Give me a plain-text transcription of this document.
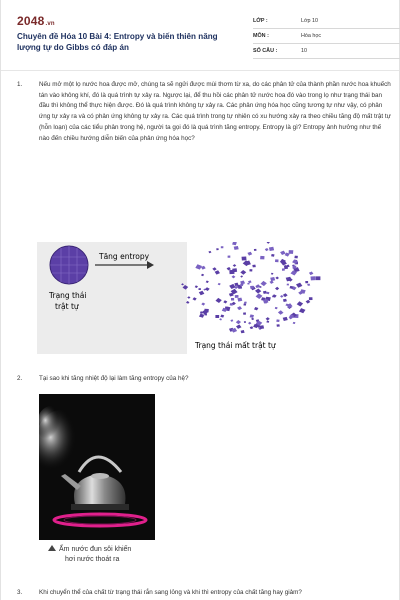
2048.vn
Chuyên đề Hóa 10 Bài 4: Entropy và biến thiên năng lượng tự do Gibbs có đáp án
LỚP :	Lớp 10
MÔN :	Hóa học
SỐ CÂU :	10
1.	Nếu mở một lọ nước hoa được mở, chúng ta sẽ ngửi được mùi thơm từ xa, do các phân tử của thành phần nước hoa khuếch tán vào không khí, đó là quá trình tự xảy ra. Ngược lại, để thu hồi các phân tử nước hoa đó vào trong lọ như trạng thái ban đầu thì không thể thực hiện được. Đó là quá trình không tự xảy ra. Các phản ứng hóa học cũng tương tự như vậy, có phản ứng tự xảy ra và có phản ứng không tự xảy ra. Các quá trình trong tự nhiên có xu hướng xảy ra theo chiều tăng độ mất trật tự (hỗn loạn) của các tiểu phân trong hệ, người ta gọi đó là quá trình tăng entropy. Entropy là gì? Entropy ảnh hưởng như thế nào đến chiều hướng diễn biến của phản ứng hóa học?
Tăng entropy
Trạng thái
trật tự
Trạng thái mất trật tự
2.	Tại sao khi tăng nhiệt độ lại làm tăng entropy của hệ?
Ấm nước đun sôi khiến
hơi nước thoát ra
3.	Khi chuyển thể của chất từ trạng thái rắn sang lỏng và khi thì entropy của chất tăng hay giảm?
